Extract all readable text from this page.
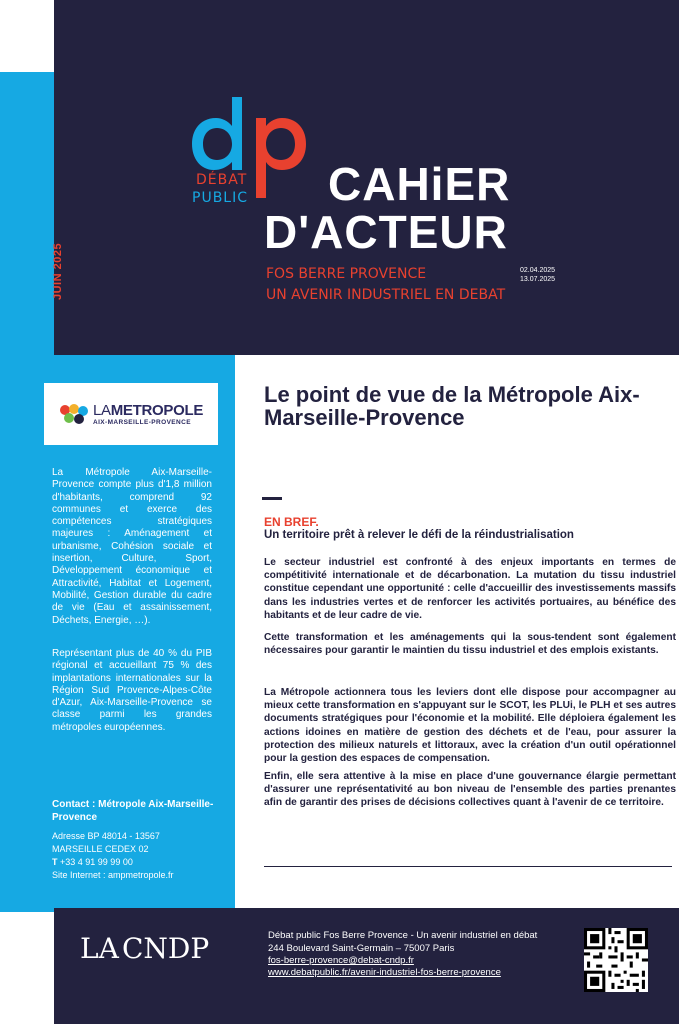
JUIN 2025
DÉBAT
PUBLIC CAHiER
D'ACTEUR
FOS BERRE PROVENCE
UN AVENIR INDUSTRIEL EN DEBAT
02.04.2025
13.07.2025
LAMETROPOLE
AIX-MARSEILLE-PROVENCE
La Métropole Aix-Marseille-Provence compte plus d'1,8 million d'habitants, comprend 92 communes et exerce des compétences stratégiques majeures : Aménagement et urbanisme, Cohésion sociale et insertion, Culture, Sport, Développement économique et Attractivité, Habitat et Logement, Mobilité, Gestion durable du cadre de vie (Eau et assainissement, Déchets, Energie, …).
Représentant plus de 40 % du PIB régional et accueillant 75 % des implantations internationales sur la Région Sud Provence-Alpes-Côte d'Azur, Aix-Marseille-Provence se classe parmi les grandes métropoles européennes.
Contact : Métropole Aix-Marseille-Provence
Adresse BP 48014 - 13567
MARSEILLE CEDEX 02
T +33 4 91 99 99 00
Site Internet : ampmetropole.fr
Le point de vue de la Métropole Aix-Marseille-Provence
EN BREF.
Un territoire prêt à relever le défi de la réindustrialisation
Le secteur industriel est confronté à des enjeux importants en termes de compétitivité internationale et de décarbonation. La mutation du tissu industriel constitue cependant une opportunité : celle d'accueillir des investissements massifs dans les industries vertes et de renforcer les activités portuaires, au bénéfice des habitants et de leur cadre de vie.
Cette transformation et les aménagements qui la sous-tendent sont également nécessaires pour garantir le maintien du tissu industriel et des emplois existants.
La Métropole actionnera tous les leviers dont elle dispose pour accompagner au mieux cette transformation en s'appuyant sur le SCOT, les PLUi, le PLH et ses autres documents stratégiques pour l'économie et la mobilité. Elle déploiera également les actions idoines en matière de gestion des déchets et de l'eau, pour assurer la protection des milieux naturels et littoraux, avec la création d'un outil opérationnel pour la gestion des espaces de compensation.
Enfin, elle sera attentive à la mise en place d'une gouvernance élargie permettant d'assurer une représentativité au bon niveau de l'ensemble des parties prenantes afin de garantir des prises de décisions collectives quant à l'avenir de ce territoire.
LA CNDP	Débat public Fos Berre Provence - Un avenir industriel en débat
244 Boulevard Saint-Germain – 75007 Paris
fos-berre-provence@debat-cndp.fr
www.debatpublic.fr/avenir-industriel-fos-berre-provence
